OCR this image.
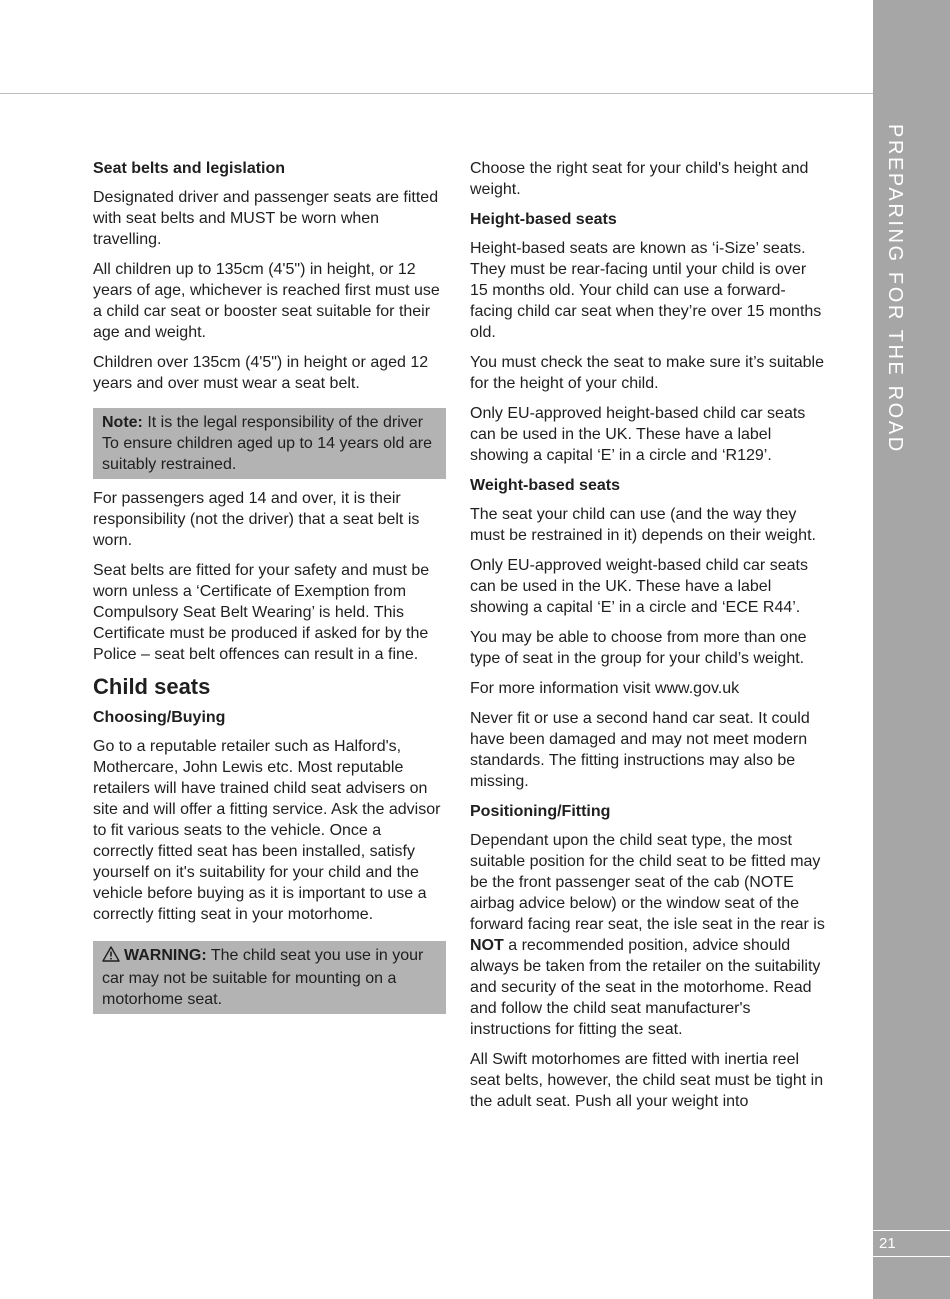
PREPARING FOR THE ROAD
21
Seat belts and legislation

Designated driver and passenger seats are fitted with seat belts and MUST be worn when travelling.

All children up to 135cm (4'5") in height, or 12 years of age, whichever is reached first must use a child car seat or booster seat suitable for their age and weight.

Children over 135cm (4'5") in height or aged 12 years and over must wear a seat belt.

Note: It is the legal responsibility of the driver To ensure children aged up to 14 years old are suitably restrained.

For passengers aged 14 and over, it is their responsibility (not the driver) that a seat belt is worn.

Seat belts are fitted for your safety and must be worn unless a ‘Certificate of Exemption from Compulsory Seat Belt Wearing’ is held. This Certificate must be produced if asked for by the Police – seat belt offences can result in a fine.

Child seats
Choosing/Buying

Go to a reputable retailer such as Halford's, Mothercare, John Lewis etc. Most reputable retailers will have trained child seat advisers on site and will offer a fitting service. Ask the advisor to fit various seats to the vehicle. Once a correctly fitted seat has been installed, satisfy yourself on it's suitability for your child and the vehicle before buying as it is important to use a correctly fitting seat in your motorhome.

WARNING: The child seat you use in your car may not be suitable for mounting on a motorhome seat.

Choose the right seat for your child's height and weight.

Height-based seats

Height-based seats are known as ‘i-Size’ seats. They must be rear-facing until your child is over 15 months old. Your child can use a forward-facing child car seat when they’re over 15 months old.

You must check the seat to make sure it’s suitable for the height of your child.

Only EU-approved height-based child car seats can be used in the UK. These have a label showing a capital ‘E’ in a circle and ‘R129’.

Weight-based seats

The seat your child can use (and the way they must be restrained in it) depends on their weight.

Only EU-approved weight-based child car seats can be used in the UK. These have a label showing a capital ‘E’ in a circle and ‘ECE R44’.

You may be able to choose from more than one type of seat in the group for your child’s weight.

For more information visit www.gov.uk

Never fit or use a second hand car seat. It could have been damaged and may not meet modern standards. The fitting instructions may also be missing.

Positioning/Fitting

Dependant upon the child seat type, the most suitable position for the child seat to be fitted may be the front passenger seat of the cab (NOTE airbag advice below) or the window seat of the forward facing rear seat, the isle seat in the rear is NOT a recommended position, advice should always be taken from the retailer on the suitability and security of the seat in the motorhome. Read and follow the child seat manufacturer's instructions for fitting the seat.

All Swift motorhomes are fitted with inertia reel seat belts, however, the child seat must be tight in the adult seat. Push all your weight into
